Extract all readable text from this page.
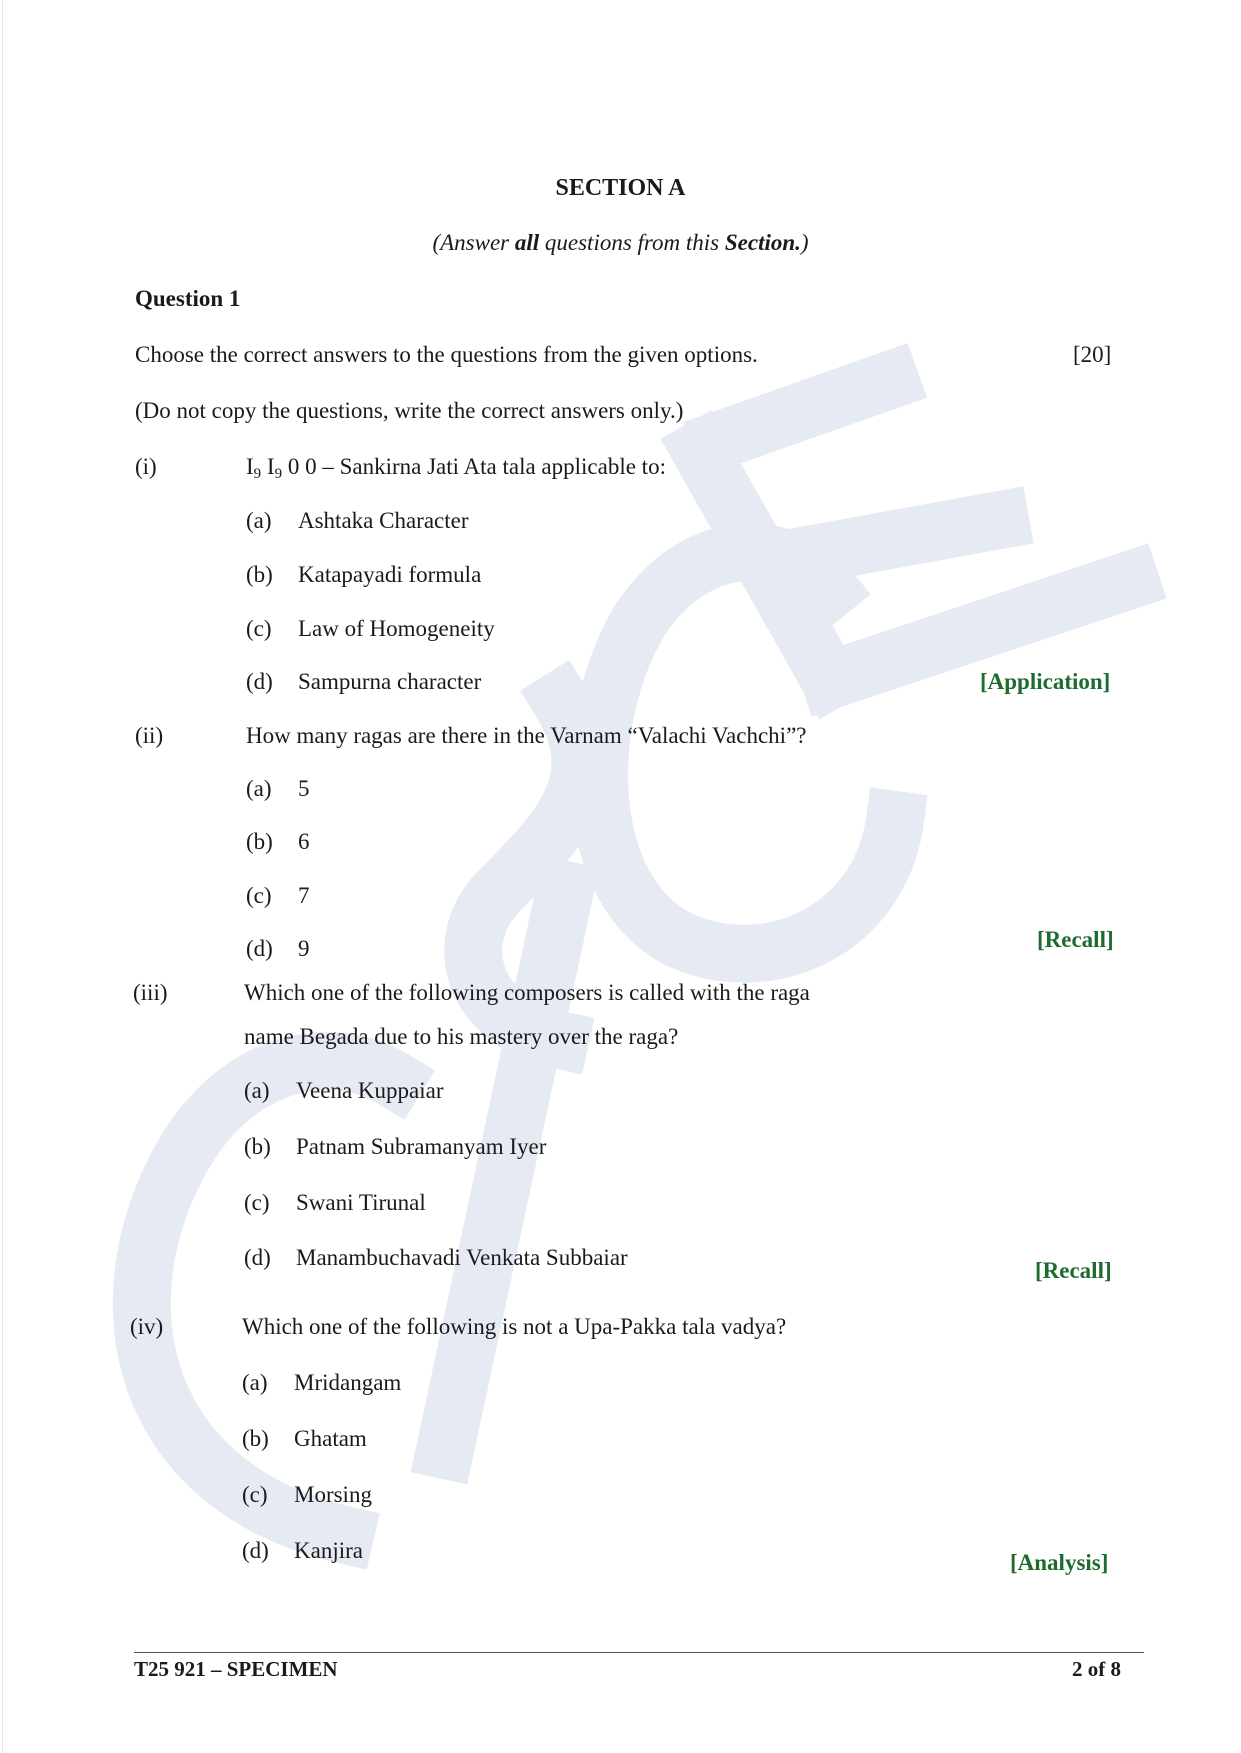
SECTION A
(Answer all questions from this Section.)
Question 1
Choose the correct answers to the questions from the given options.	[20]
(Do not copy the questions, write the correct answers only.)
(i)	$I_9$ $I_9$ 0 0 – Sankirna Jati Ata tala applicable to:
(a) Ashtaka Character
(b) Katapayadi formula
(c) Law of Homogeneity
(d) Sampurna character	[Application]
(ii)	How many ragas are there in the Varnam “Valachi Vachchi”?
(a) 5
(b) 6
(c) 7
(d) 9	[Recall]
(iii)	Which one of the following composers is called with the raga
name Begada due to his mastery over the raga?
(a) Veena Kuppaiar
(b) Patnam Subramanyam Iyer
(c) Swani Tirunal
(d) Manambuchavadi Venkata Subbaiar
[Recall]
(iv)	Which one of the following is not a Upa-Pakka tala vadya?
(a) Mridangam
(b) Ghatam
(c) Morsing
(d) Kanjira	[Analysis]
T25 921 – SPECIMEN	2 of 8
